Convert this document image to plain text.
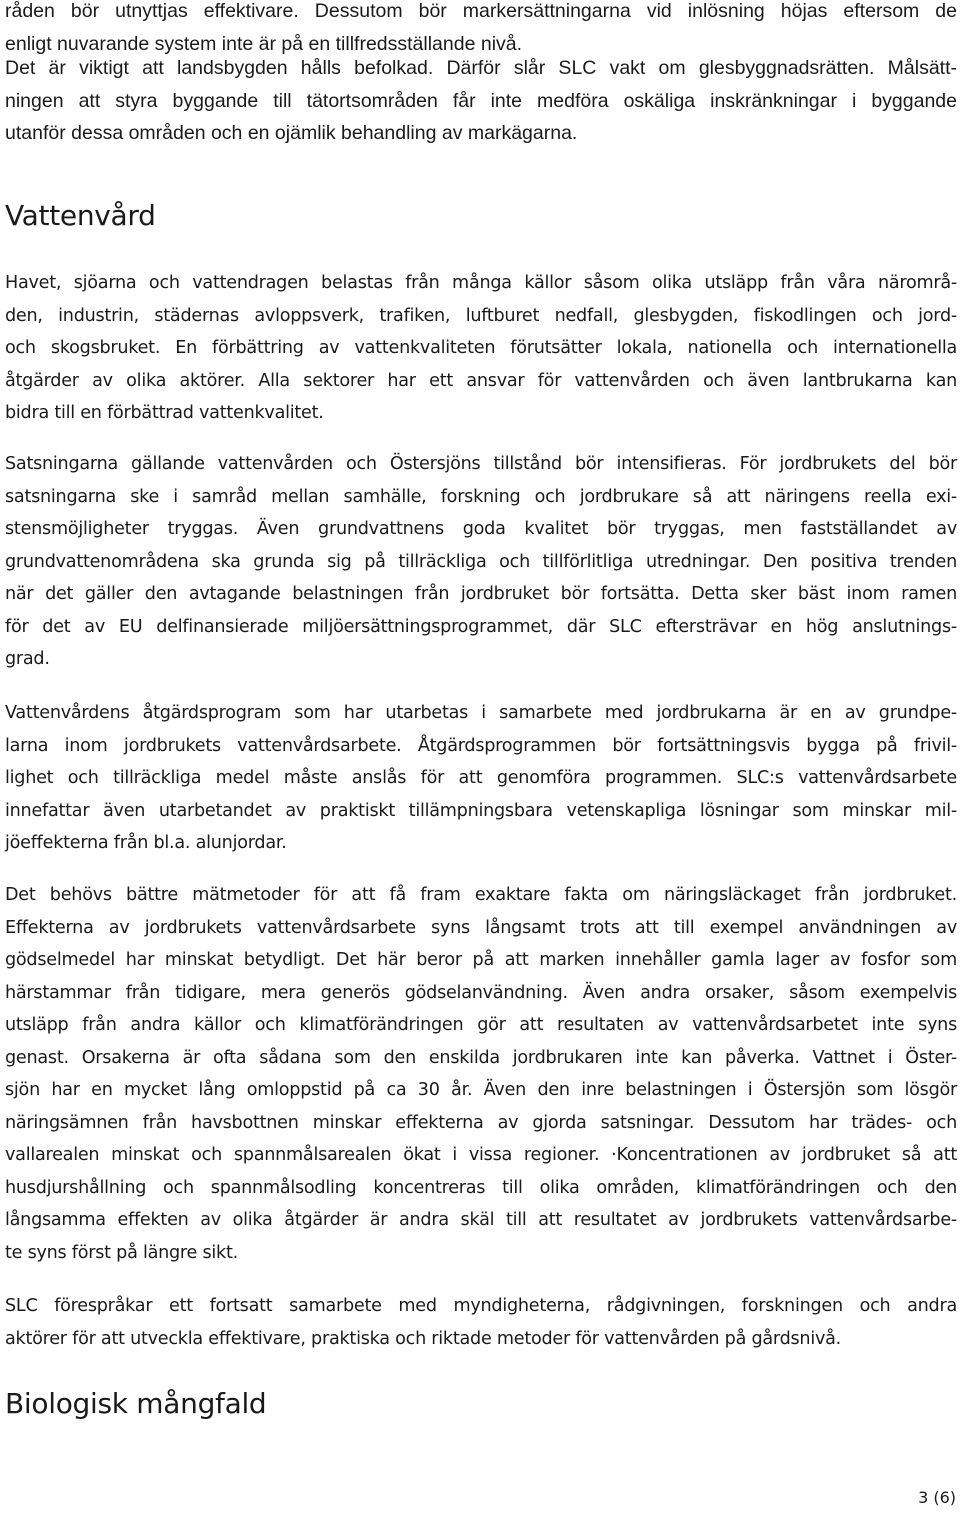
råden bör utnyttjas effektivare. Dessutom bör markersättningarna vid inlösning höjas eftersom de
enligt nuvarande system inte är på en tillfredsställande nivå.
Det är viktigt att landsbygden hålls befolkad. Därför slår SLC vakt om glesbyggnadsrätten. Målsätt-
ningen att styra byggande till tätortsområden får inte medföra oskäliga inskränkningar i byggande
utanför dessa områden och en ojämlik behandling av markägarna.
Vattenvård
Havet, sjöarna och vattendragen belastas från många källor såsom olika utsläpp från våra närområ-
den, industrin, städernas avloppsverk, trafiken, luftburet nedfall, glesbygden, fiskodlingen och jord-
och skogsbruket. En förbättring av vattenkvaliteten förutsätter lokala, nationella och internationella
åtgärder av olika aktörer. Alla sektorer har ett ansvar för vattenvården och även lantbrukarna kan
bidra till en förbättrad vattenkvalitet.
Satsningarna gällande vattenvården och Östersjöns tillstånd bör intensifieras. För jordbrukets del bör
satsningarna ske i samråd mellan samhälle, forskning och jordbrukare så att näringens reella exi-
stensmöjligheter tryggas. Även grundvattnens goda kvalitet bör tryggas, men fastställandet av
grundvattenområdena ska grunda sig på tillräckliga och tillförlitliga utredningar. Den positiva trenden
när det gäller den avtagande belastningen från jordbruket bör fortsätta. Detta sker bäst inom ramen
för det av EU delfinansierade miljöersättningsprogrammet, där SLC eftersträvar en hög anslutnings-
grad.
Vattenvårdens åtgärdsprogram som har utarbetas i samarbete med jordbrukarna är en av grundpe-
larna inom jordbrukets vattenvårdsarbete. Åtgärdsprogrammen bör fortsättningsvis bygga på frivil-
lighet och tillräckliga medel måste anslås för att genomföra programmen. SLC:s vattenvårdsarbete
innefattar även utarbetandet av praktiskt tillämpningsbara vetenskapliga lösningar som minskar mil-
jöeffekterna från bl.a. alunjordar.
Det behövs bättre mätmetoder för att få fram exaktare fakta om näringsläckaget från jordbruket.
Effekterna av jordbrukets vattenvårdsarbete syns långsamt trots att till exempel användningen av
gödselmedel har minskat betydligt. Det här beror på att marken innehåller gamla lager av fosfor som
härstammar från tidigare, mera generös gödselanvändning. Även andra orsaker, såsom exempelvis
utsläpp från andra källor och klimatförändringen gör att resultaten av vattenvårdsarbetet inte syns
genast. Orsakerna är ofta sådana som den enskilda jordbrukaren inte kan påverka. Vattnet i Öster-
sjön har en mycket lång omloppstid på ca 30 år. Även den inre belastningen i Östersjön som lösgör
näringsämnen från havsbottnen minskar effekterna av gjorda satsningar. Dessutom har trädes- och
vallarealen minskat och spannmålsarealen ökat i vissa regioner. ·Koncentrationen av jordbruket så att
husdjurshållning och spannmålsodling koncentreras till olika områden, klimatförändringen och den
långsamma effekten av olika åtgärder är andra skäl till att resultatet av jordbrukets vattenvårdsarbe-
te syns först på längre sikt.
SLC förespråkar ett fortsatt samarbete med myndigheterna, rådgivningen, forskningen och andra
aktörer för att utveckla effektivare, praktiska och riktade metoder för vattenvården på gårdsnivå.
Biologisk mångfald
3 (6)
